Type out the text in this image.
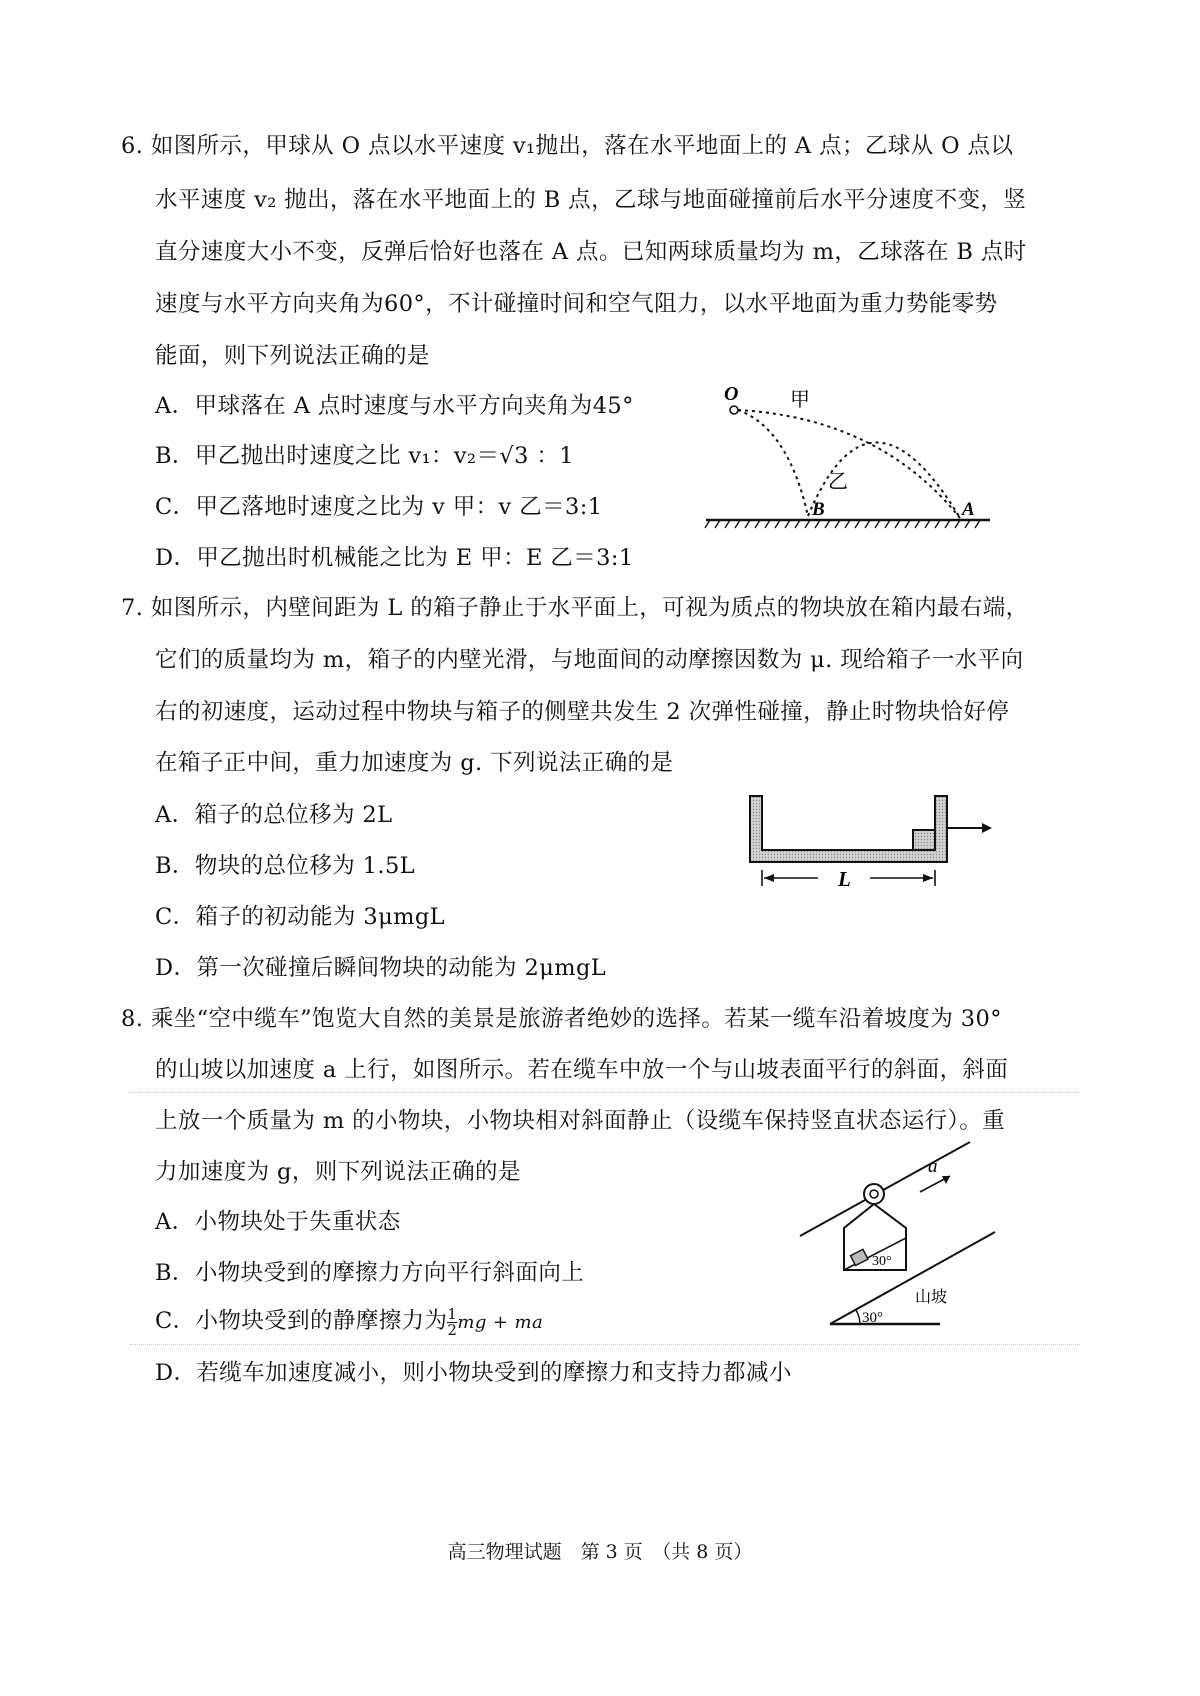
6. 如图所示，甲球从 O 点以水平速度 v₁抛出，落在水平地面上的 A 点；乙球从 O 点以
水平速度 v₂ 抛出，落在水平地面上的 B 点，乙球与地面碰撞前后水平分速度不变，竖
直分速度大小不变，反弹后恰好也落在 A 点。已知两球质量均为 m，乙球落在 B 点时
速度与水平方向夹角为60°，不计碰撞时间和空气阻力，以水平地面为重力势能零势
能面，则下列说法正确的是
A．甲球落在 A 点时速度与水平方向夹角为45°
B．甲乙抛出时速度之比 v₁：v₂＝√3 ：1
C．甲乙落地时速度之比为 v 甲：v 乙＝3:1
D．甲乙抛出时机械能之比为 E 甲：E 乙＝3:1
O	甲
乙
B	A
7. 如图所示，内壁间距为 L 的箱子静止于水平面上，可视为质点的物块放在箱内最右端，
它们的质量均为 m，箱子的内壁光滑，与地面间的动摩擦因数为 μ. 现给箱子一水平向
右的初速度，运动过程中物块与箱子的侧壁共发生 2 次弹性碰撞，静止时物块恰好停
在箱子正中间，重力加速度为 g. 下列说法正确的是
A．箱子的总位移为 2L
B．物块的总位移为 1.5L
C．箱子的初动能为 3μmgL
D．第一次碰撞后瞬间物块的动能为 2μmgL
L
8. 乘坐“空中缆车”饱览大自然的美景是旅游者绝妙的选择。若某一缆车沿着坡度为 30°
的山坡以加速度 a 上行，如图所示。若在缆车中放一个与山坡表面平行的斜面，斜面
上放一个质量为 m 的小物块，小物块相对斜面静止（设缆车保持竖直状态运行）。重
力加速度为 g，则下列说法正确的是
A．小物块处于失重状态
B．小物块受到的摩擦力方向平行斜面向上
C．小物块受到的静摩擦力为 $\frac{1}{2}$ mg + ma
D．若缆车加速度减小，则小物块受到的摩擦力和支持力都减小
30°
山坡
30°
a
高三物理试题　第 3 页　（共 8 页）
